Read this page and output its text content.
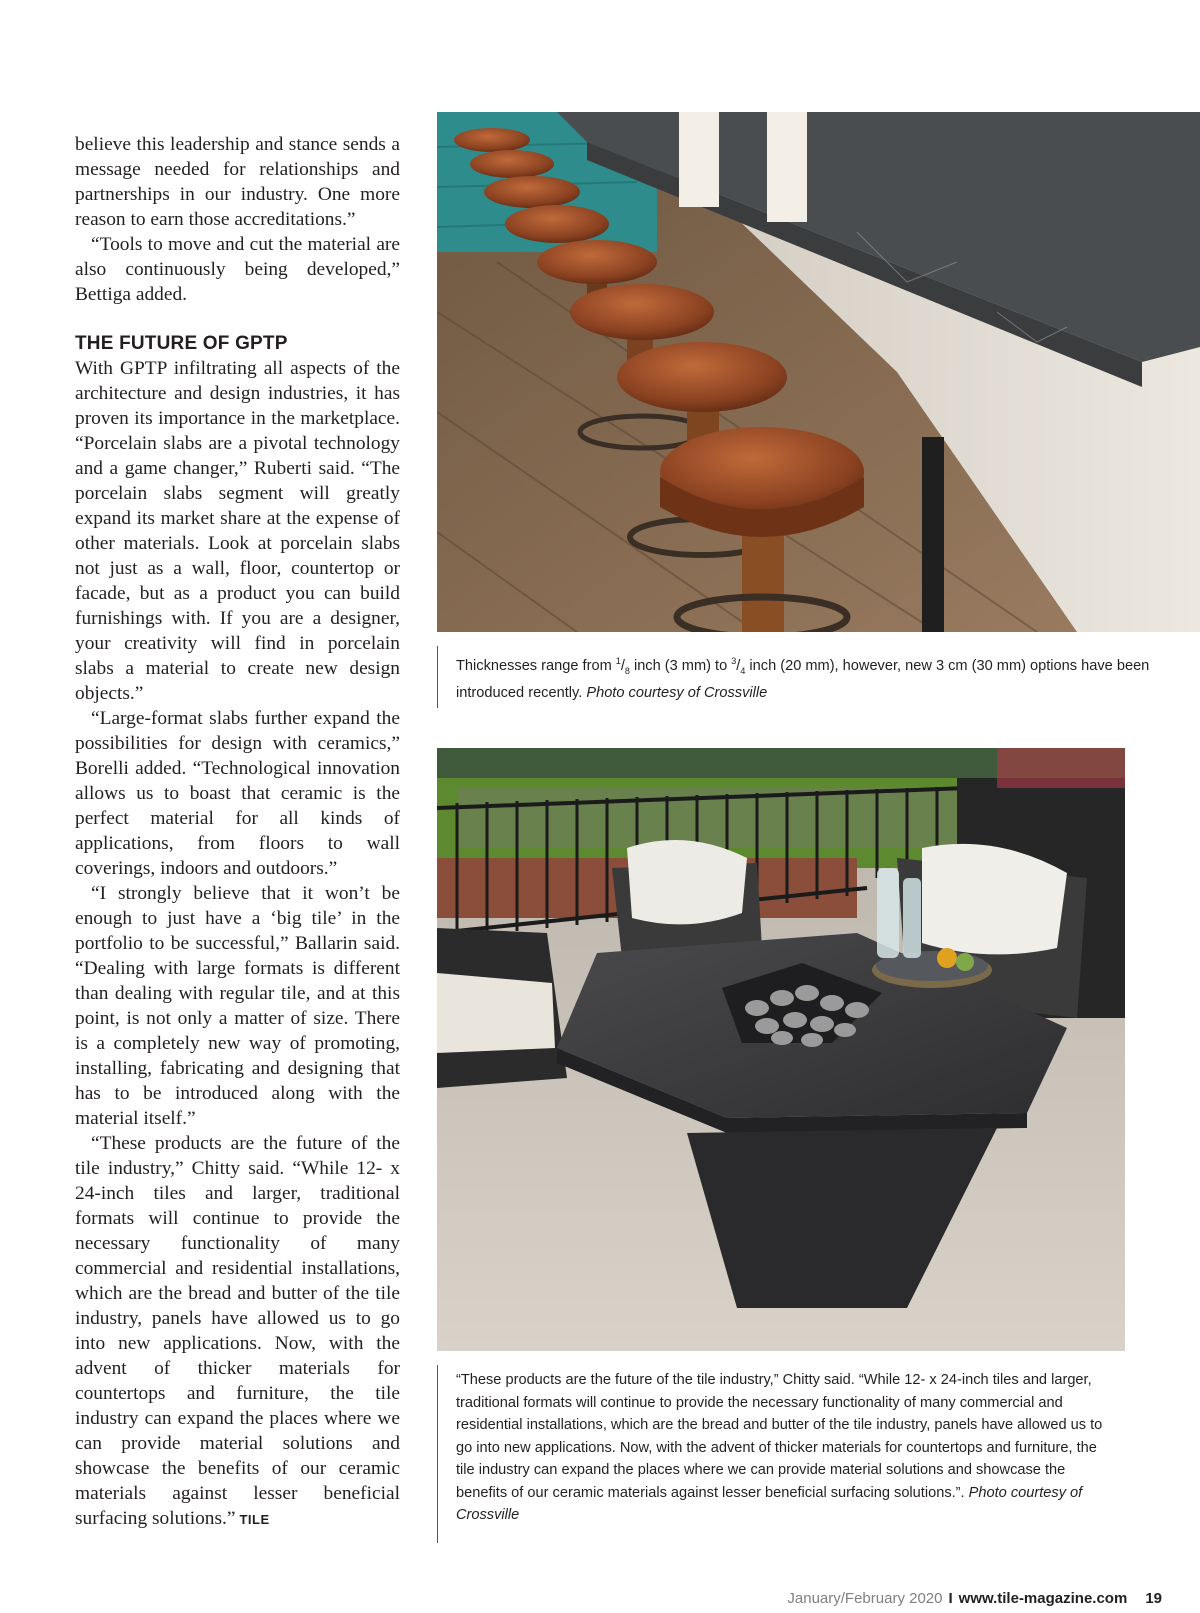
believe this leadership and stance sends a message needed for relationships and partnerships in our industry. One more reason to earn those accreditations.”

“Tools to move and cut the material are also continuously being developed,” Bettiga added.

THE FUTURE OF GPTP

With GPTP infiltrating all aspects of the architecture and design industries, it has proven its importance in the marketplace. “Porcelain slabs are a pivotal technology and a game changer,” Ruberti said. “The porcelain slabs segment will greatly expand its market share at the expense of other materials. Look at porcelain slabs not just as a wall, floor, countertop or facade, but as a product you can build furnishings with. If you are a designer, your creativity will find in porcelain slabs a material to create new design objects.”

“Large-format slabs further expand the possibilities for design with ceramics,” Borelli added. “Technological innovation allows us to boast that ceramic is the perfect material for all kinds of applications, from floors to wall coverings, indoors and outdoors.”

“I strongly believe that it won’t be enough to just have a ‘big tile’ in the portfolio to be successful,” Ballarin said. “Dealing with large formats is different than dealing with regular tile, and at this point, is not only a matter of size. There is a completely new way of promoting, installing, fabricating and designing that has to be introduced along with the material itself.”

“These products are the future of the tile industry,” Chitty said. “While 12- x 24-inch tiles and larger, traditional formats will continue to provide the necessary functionality of many commercial and residential installations, which are the bread and butter of the tile industry, panels have allowed us to go into new applications. Now, with the advent of thicker materials for countertops and furniture, the tile industry can expand the places where we can provide material solutions and showcase the benefits of our ceramic materials against lesser beneficial surfacing solutions.” TILE

Thicknesses range from $^1/_8$ inch (3 mm) to $^3/_4$ inch (20 mm), however, new 3 cm (30 mm) options have been introduced recently. Photo courtesy of Crossville
“These products are the future of the tile industry,” Chitty said. “While 12- x 24-inch tiles and larger, traditional formats will continue to provide the necessary functionality of many commercial and residential installations, which are the bread and butter of the tile industry, panels have allowed us to go into new applications. Now, with the advent of thicker materials for countertops and furniture, the tile industry can expand the places where we can provide material solutions and showcase the benefits of our ceramic materials against lesser beneficial surfacing solutions.”. Photo courtesy of Crossville
January/February 2020 I www.tile-magazine.com 19
